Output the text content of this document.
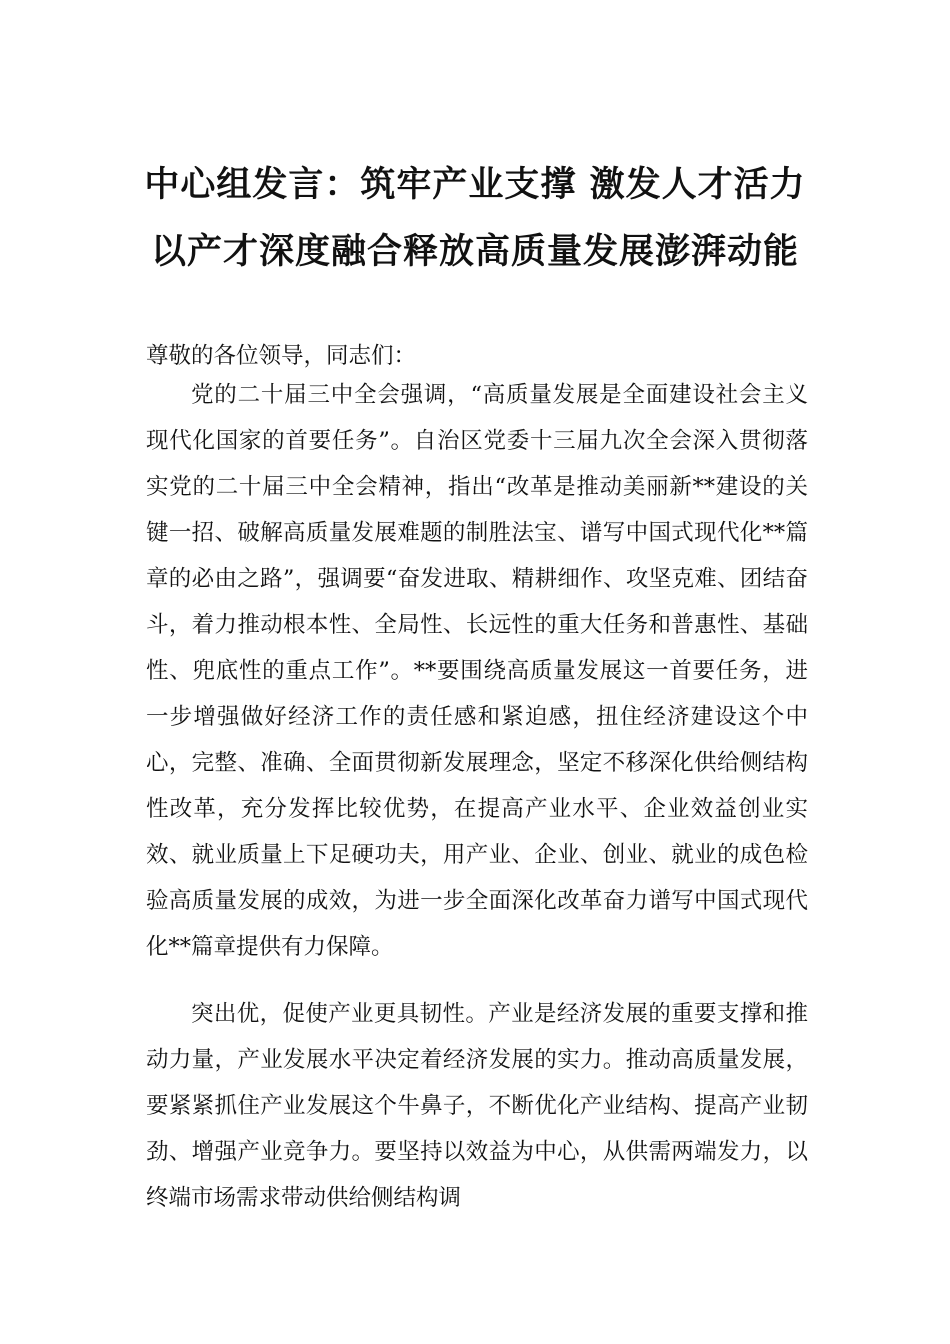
中心组发言：筑牢产业支撑 激发人才活力
以产才深度融合释放高质量发展澎湃动能
尊敬的各位领导，同志们：

党的二十届三中全会强调，“高质量发展是全面建设社会主义现代化国家的首要任务”。自治区党委十三届九次全会深入贯彻落实党的二十届三中全会精神，指出“改革是推动美丽新**建设的关键一招、破解高质量发展难题的制胜法宝、谱写中国式现代化**篇章的必由之路”，强调要“奋发进取、精耕细作、攻坚克难、团结奋斗，着力推动根本性、全局性、长远性的重大任务和普惠性、基础性、兜底性的重点工作”。**要围绕高质量发展这一首要任务，进一步增强做好经济工作的责任感和紧迫感，扭住经济建设这个中心，完整、准确、全面贯彻新发展理念，坚定不移深化供给侧结构性改革，充分发挥比较优势，在提高产业水平、企业效益创业实效、就业质量上下足硬功夫，用产业、企业、创业、就业的成色检验高质量发展的成效，为进一步全面深化改革奋力谱写中国式现代化**篇章提供有力保障。

突出优，促使产业更具韧性。产业是经济发展的重要支撑和推动力量，产业发展水平决定着经济发展的实力。推动高质量发展，要紧紧抓住产业发展这个牛鼻子，不断优化产业结构、提高产业韧劲、增强产业竞争力。要坚持以效益为中心，从供需两端发力，以终端市场需求带动供给侧结构调
